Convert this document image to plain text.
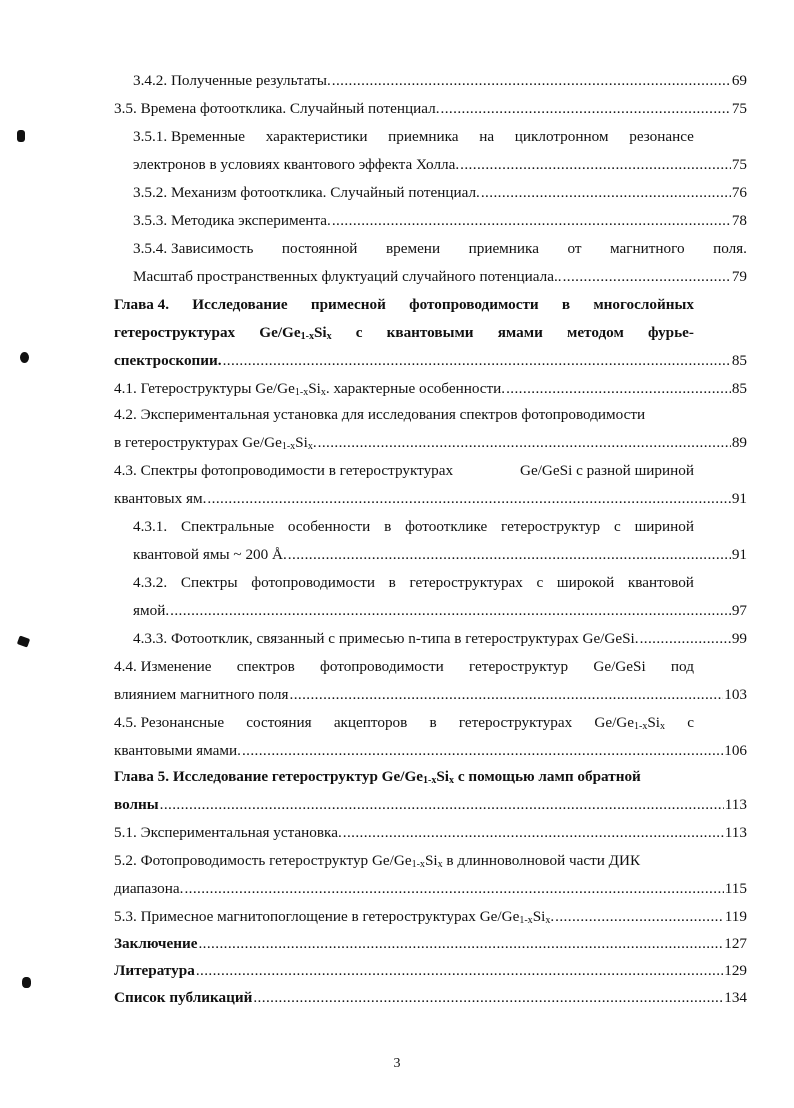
3.4.2. Полученные результаты. .....	69
3.5. Времена фотоотклика. Случайный потенциал. .....	75
3.5.1. Временные характеристики приемника на циклотронном резонансе
электронов в условиях квантового эффекта Холла. .....	75
3.5.2. Механизм фотоотклика. Случайный потенциал. .....	76
3.5.3. Методика эксперимента. .....	78
3.5.4. Зависимость постоянной времени приемника от магнитного поля.
Масштаб пространственных флуктуаций случайного потенциала.. .....	79
Глава 4. Исследование примесной фотопроводимости в многослойных
гетероструктурах $Ge/Ge_{1-x}Si_x$ с квантовыми ямами методом фурье-
спектроскопии. .....	85
4.1. Гетероструктуры $Ge/Ge_{1-x}Si_x$. характерные особенности. .....	85
4.2. Экспериментальная установка для исследования спектров фотопроводимости
в гетероструктурах $Ge/Ge_{1-x}Si_x$. .....	89
4.3. Спектры фотопроводимости в гетероструктурах	Ge/GeSi с разной шириной
квантовых ям. .....	91
4.3.1. Спектральные особенности в фотоотклике гетероструктур с шириной
квантовой ямы ~ 200 Å. .....	91
4.3.2. Спектры фотопроводимости в гетероструктурах с широкой квантовой
ямой. .....	97
4.3.3. Фотоотклик, связанный с примесью n-типа в гетероструктурах Ge/GeSi. .....	99
4.4. Изменение спектров фотопроводимости гетероструктур Ge/GeSi под
влиянием магнитного поля .....	103
4.5. Резонансные состояния акцепторов в гетероструктурах $Ge/Ge_{1-x}Si_x$ с
квантовыми ямами. .....	106
Глава 5. Исследование гетероструктур $Ge/Ge_{1-x}Si_x$ с помощью ламп обратной
волны .....	113
5.1. Экспериментальная установка. .....	113
5.2. Фотопроводимость гетероструктур $Ge/Ge_{1-x}Si_x$ в длинноволновой части ДИК
диапазона. .....	115
5.3. Примесное магнитопоглощение в гетероструктурах $Ge/Ge_{1-x}Si_x$. .....	119
Заключение .....	127
Литература .....	129
Список публикаций .....	134
3
